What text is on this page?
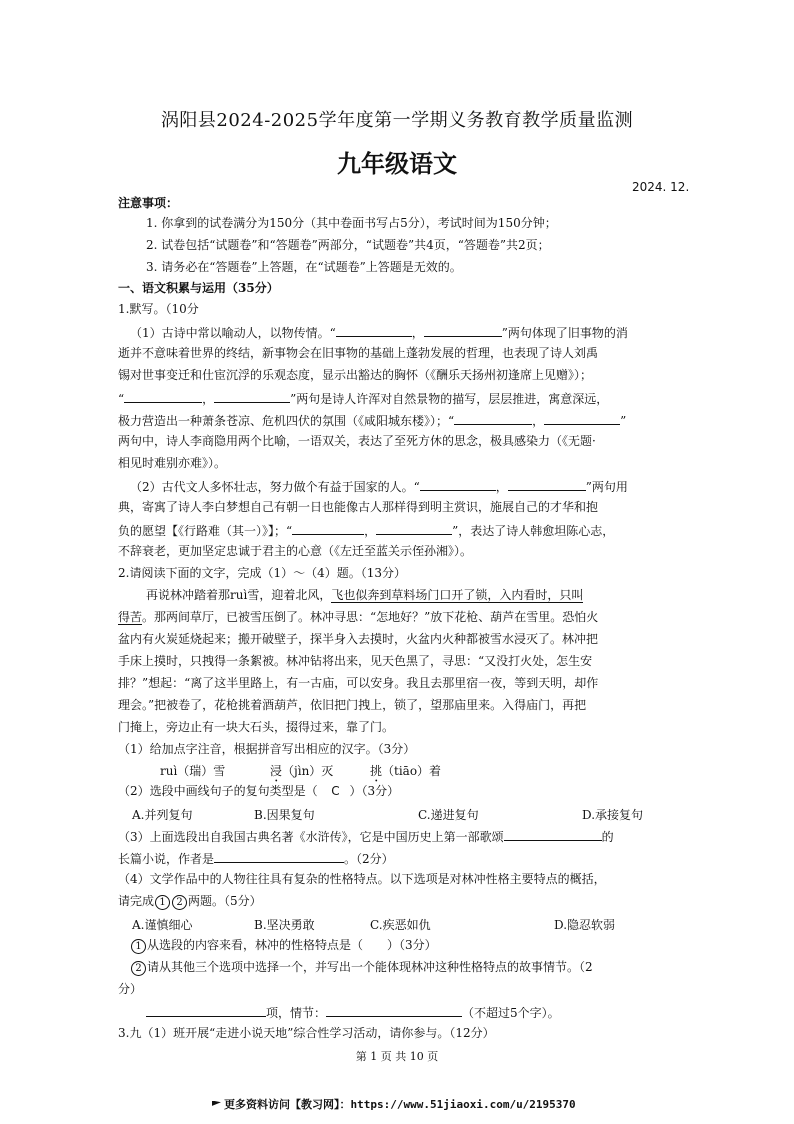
涡阳县2024-2025学年度第一学期义务教育教学质量监测
九年级语文
2024. 12.
注意事项：
1. 你拿到的试卷满分为150分（其中卷面书写占5分），考试时间为150分钟；
2. 试卷包括“试题卷”和“答题卷”两部分，“试题卷”共4页，“答题卷”共2页；
3. 请务必在“答题卷”上答题，在“试题卷”上答题是无效的。
一、语文积累与运用（35分）
1.默写。（10分
（1）古诗中常以喻动人，以物传情。“	，	”两句体现了旧事物的消
逝并不意味着世界的终结，新事物会在旧事物的基础上蓬勃发展的哲理，也表现了诗人刘禹
锡对世事变迁和仕宦沉浮的乐观态度，显示出豁达的胸怀（《酬乐天扬州初逢席上见赠》）；
“	，	”两句是诗人许浑对自然景物的描写，层层推进，寓意深远，
极力营造出一种萧条苍凉、危机四伏的氛围（《咸阳城东楼》）；“	，	”
两句中，诗人李商隐用两个比喻，一语双关，表达了至死方休的思念，极具感染力（《无题·
相见时难别亦难》）。
（2）古代文人多怀壮志，努力做个有益于国家的人。“	，	”两句用
典，寄寓了诗人李白梦想自己有朝一日也能像古人那样得到明主赏识，施展自己的才华和抱
负的愿望【《行路难（其一）》】；“	，	”，表达了诗人韩愈坦陈心志，
不辞衰老，更加坚定忠诚于君主的心意（《左迁至蓝关示侄孙湘》）。
2.请阅读下面的文字，完成（1）～（4）题。（13分）
再说林冲踏着那ruì雪，迎着北风，飞也似奔到草料场门口开了锁，入内看时，只叫
得苦。那两间草厅，已被雪压倒了。林冲寻思：“怎地好？”放下花枪、葫芦在雪里。恐怕火
盆内有火炭延烧起来；搬开破壁子，探半身入去摸时，火盆内火种都被雪水浸灭了。林冲把
手床上摸时，只拽得一条絮被。林冲钻将出来，见天色黑了，寻思：“又没打火处，怎生安
排？”想起：“离了这半里路上，有一古庙，可以安身。我且去那里宿一夜，等到天明，却作
理会。”把被卷了，花枪挑着酒葫芦，依旧把门拽上，锁了，望那庙里来。入得庙门，再把
门掩上，旁边止有一块大石头，掇得过来，靠了门。
（1）给加点字注音，根据拼音写出相应的汉字。（3分）
ruì（瑞）雪	浸（jìn）灭	挑（tiāo）着
（2）选段中画线句子的复句类型是（ C ）（3分）
A.并列复句	B.因果复句	C.递进复句	D.承接复句
（3）上面选段出自我国古典名著《水浒传》，它是中国历史上第一部歌颂	的
长篇小说，作者是	。（2分）
（4）文学作品中的人物往往具有复杂的性格特点。以下选项是对林冲性格主要特点的概括，
请完成 1 2 两题。（5分）
A.谨慎细心	B.坚决勇敢	C.疾恶如仇	D.隐忍软弱
1 从选段的内容来看，林冲的性格特点是（　　）（3分）
2 请从其他三个选项中选择一个，并写出一个能体现林冲这种性格特点的故事情节。（2
分）
项，情节：	（不超过5个字）。
3.九（1）班开展“走进小说天地”综合性学习活动，请你参与。（12分）
第 1 页 共 10 页
更多资料访问【教习网】：https://www.51jiaoxi.com/u/2195370
